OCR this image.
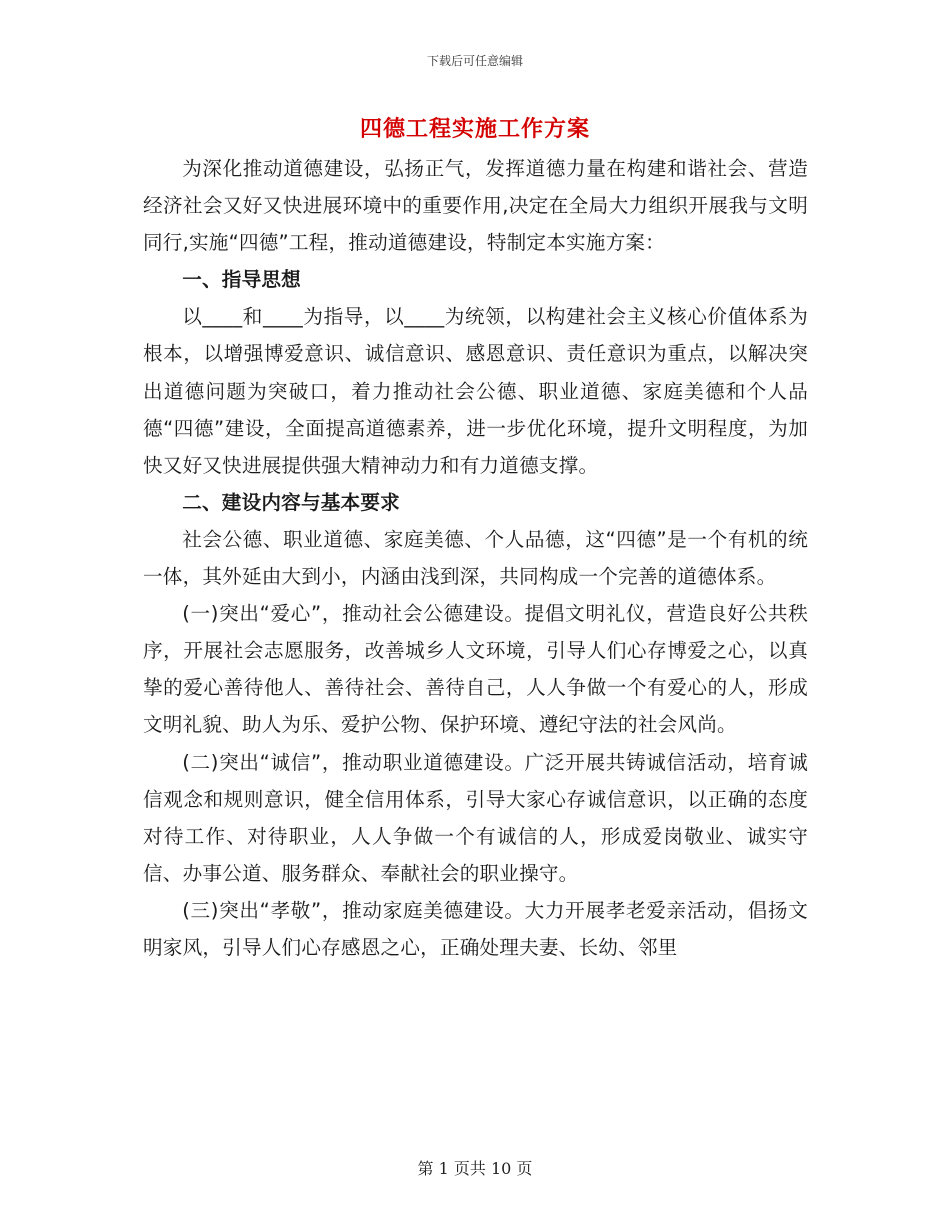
下载后可任意编辑
四德工程实施工作方案

为深化推动道德建设，弘扬正气，发挥道德力量在构建和谐社会、营造经济社会又好又快进展环境中的重要作用,决定在全局大力组织开展我与文明同行,实施“四德”工程，推动道德建设，特制定本实施方案：

一、指导思想

以____和____为指导，以____为统领，以构建社会主义核心价值体系为根本，以增强博爱意识、诚信意识、感恩意识、责任意识为重点，以解决突出道德问题为突破口，着力推动社会公德、职业道德、家庭美德和个人品德“四德”建设，全面提高道德素养，进一步优化环境，提升文明程度，为加快又好又快进展提供强大精神动力和有力道德支撑。

二、建设内容与基本要求

社会公德、职业道德、家庭美德、个人品德，这“四德”是一个有机的统一体，其外延由大到小，内涵由浅到深，共同构成一个完善的道德体系。

(一)突出“爱心”，推动社会公德建设。提倡文明礼仪，营造良好公共秩序，开展社会志愿服务，改善城乡人文环境，引导人们心存博爱之心，以真挚的爱心善待他人、善待社会、善待自己，人人争做一个有爱心的人，形成文明礼貌、助人为乐、爱护公物、保护环境、遵纪守法的社会风尚。

(二)突出“诚信”，推动职业道德建设。广泛开展共铸诚信活动，培育诚信观念和规则意识，健全信用体系，引导大家心存诚信意识，以正确的态度对待工作、对待职业，人人争做一个有诚信的人，形成爱岗敬业、诚实守信、办事公道、服务群众、奉献社会的职业操守。

(三)突出“孝敬”，推动家庭美德建设。大力开展孝老爱亲活动，倡扬文明家风，引导人们心存感恩之心，正确处理夫妻、长幼、邻里

第 1 页共 10 页
